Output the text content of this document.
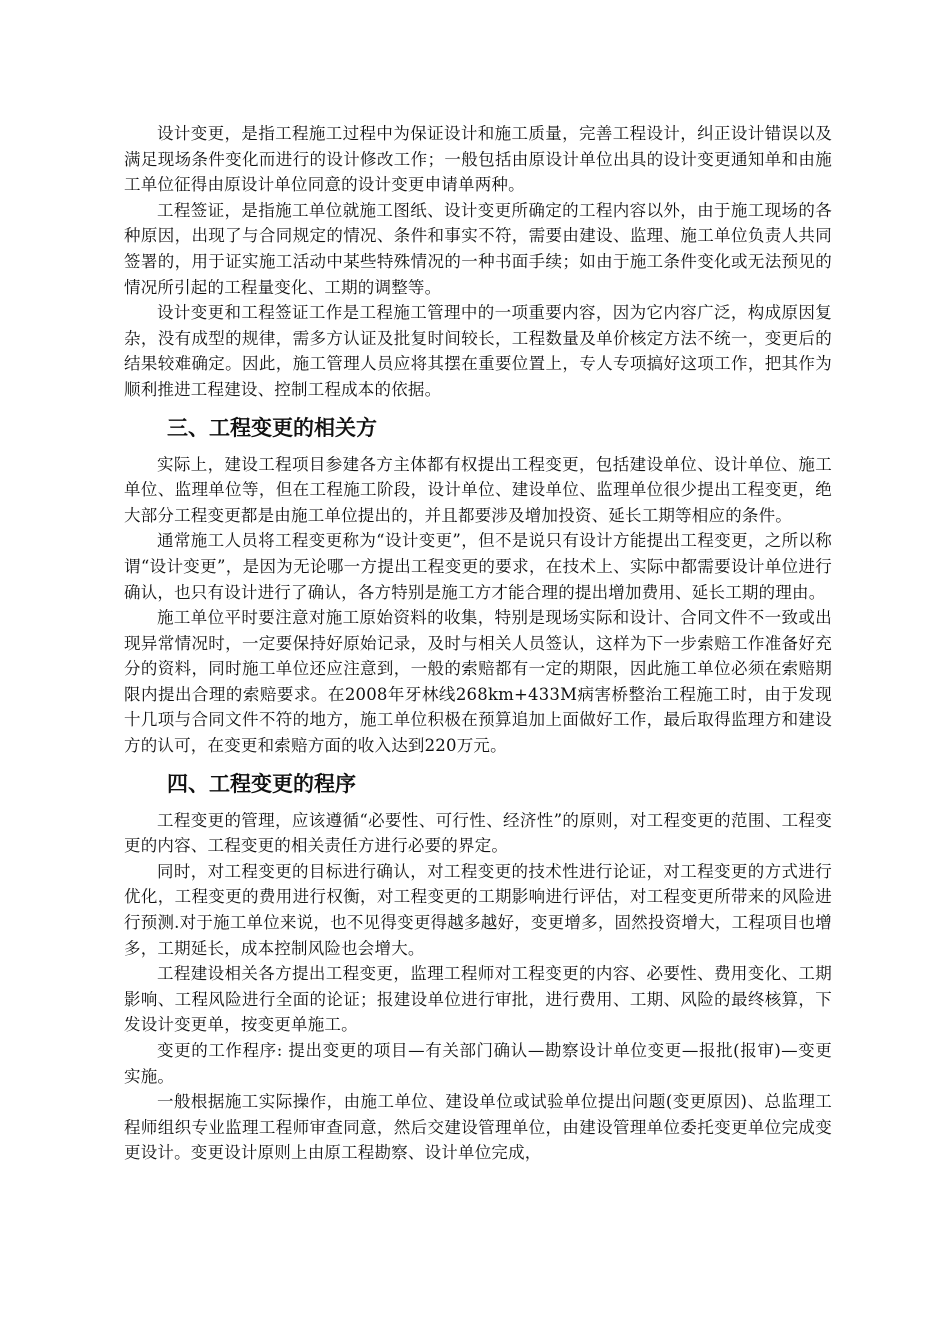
设计变更，是指工程施工过程中为保证设计和施工质量，完善工程设计，纠正设计错误以及满足现场条件变化而进行的设计修改工作；一般包括由原设计单位出具的设计变更通知单和由施工单位征得由原设计单位同意的设计变更申请单两种。

工程签证，是指施工单位就施工图纸、设计变更所确定的工程内容以外，由于施工现场的各种原因，出现了与合同规定的情况、条件和事实不符，需要由建设、监理、施工单位负责人共同签署的，用于证实施工活动中某些特殊情况的一种书面手续；如由于施工条件变化或无法预见的情况所引起的工程量变化、工期的调整等。

设计变更和工程签证工作是工程施工管理中的一项重要内容，因为它内容广泛，构成原因复杂，没有成型的规律，需多方认证及批复时间较长，工程数量及单价核定方法不统一，变更后的结果较难确定。因此，施工管理人员应将其摆在重要位置上，专人专项搞好这项工作，把其作为顺利推进工程建设、控制工程成本的依据。

三、工程变更的相关方

实际上，建设工程项目参建各方主体都有权提出工程变更，包括建设单位、设计单位、施工单位、监理单位等，但在工程施工阶段，设计单位、建设单位、监理单位很少提出工程变更，绝大部分工程变更都是由施工单位提出的，并且都要涉及增加投资、延长工期等相应的条件。

通常施工人员将工程变更称为“设计变更”，但不是说只有设计方能提出工程变更，之所以称谓“设计变更”，是因为无论哪一方提出工程变更的要求，在技术上、实际中都需要设计单位进行确认，也只有设计进行了确认，各方特别是施工方才能合理的提出增加费用、延长工期的理由。

施工单位平时要注意对施工原始资料的收集，特别是现场实际和设计、合同文件不一致或出现异常情况时，一定要保持好原始记录，及时与相关人员签认，这样为下一步索赔工作准备好充分的资料，同时施工单位还应注意到，一般的索赔都有一定的期限，因此施工单位必须在索赔期限内提出合理的索赔要求。在2008年牙林线268km+433M病害桥整治工程施工时，由于发现十几项与合同文件不符的地方，施工单位积极在预算追加上面做好工作，最后取得监理方和建设方的认可，在变更和索赔方面的收入达到220万元。

四、工程变更的程序

工程变更的管理，应该遵循“必要性、可行性、经济性”的原则，对工程变更的范围、工程变更的内容、工程变更的相关责任方进行必要的界定。

同时，对工程变更的目标进行确认，对工程变更的技术性进行论证，对工程变更的方式进行优化，工程变更的费用进行权衡，对工程变更的工期影响进行评估，对工程变更所带来的风险进行预测.对于施工单位来说，也不见得变更得越多越好，变更增多，固然投资增大，工程项目也增多，工期延长，成本控制风险也会增大。

工程建设相关各方提出工程变更，监理工程师对工程变更的内容、必要性、费用变化、工期影响、工程风险进行全面的论证；报建设单位进行审批，进行费用、工期、风险的最终核算，下发设计变更单，按变更单施工。

变更的工作程序: 提出变更的项目—有关部门确认—勘察设计单位变更—报批(报审)—变更实施。

一般根据施工实际操作，由施工单位、建设单位或试验单位提出问题(变更原因)、总监理工程师组织专业监理工程师审查同意，然后交建设管理单位，由建设管理单位委托变更单位完成变更设计。变更设计原则上由原工程勘察、设计单位完成，
